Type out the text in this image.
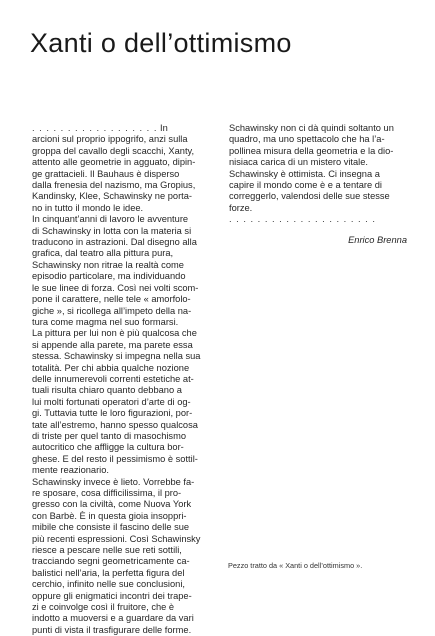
Xanti o dell’ottimismo
. . . . . . . . . . . . . . . . . . In
arcioni sul proprio ippogrifo, anzi sulla
groppa del cavallo degli scacchi, Xanty,
attento alle geometrie in agguato, dipin-
ge grattacieli. Il Bauhaus è disperso
dalla frenesia del nazismo, ma Gropius,
Kandinsky, Klee, Schawinsky ne porta-
no in tutto il mondo le idee.
In cinquant’anni di lavoro le avventure
di Schawinsky in lotta con la materia si
traducono in astrazioni. Dal disegno alla
grafica, dal teatro alla pittura pura,
Schawinsky non ritrae la realtà come
episodio particolare, ma individuando
le sue linee di forza. Così nei volti scom-
pone il carattere, nelle tele « amorfolo-
giche », si ricollega all’impeto della na-
tura come magma nel suo formarsi.
La pittura per lui non è più qualcosa che
si appende alla parete, ma parete essa
stessa. Schawinsky si impegna nella sua
totalità. Per chi abbia qualche nozione
delle innumerevoli correnti estetiche at-
tuali risulta chiaro quanto debbano a
lui molti fortunati operatori d’arte di og-
gi. Tuttavia tutte le loro figurazioni, por-
tate all’estremo, hanno spesso qualcosa
di triste per quel tanto di masochismo
autocritico che affligge la cultura bor-
ghese. E del resto il pessimismo è sottil-
mente reazionario.
Schawinsky invece è lieto. Vorrebbe fa-
re sposare, cosa difficilissima, il pro-
gresso con la civiltà, come Nuova York
con Barbè. È in questa gioia insoppri-
mibile che consiste il fascino delle sue
più recenti espressioni. Così Schawinsky
riesce a pescare nelle sue reti sottili,
tracciando segni geometricamente ca-
balistici nell’aria, la perfetta figura del
cerchio, infinito nelle sue conclusioni,
oppure gli enigmatici incontri dei trape-
zi e coinvolge così il fruitore, che è
indotto a muoversi e a guardare da vari
punti di vista il trasfigurare delle forme.
Schawinsky non ci dà quindi soltanto un
quadro, ma uno spettacolo che ha l’a-
pollinea misura della geometria e la dio-
nisiaca carica di un mistero vitale.
Schawinsky è ottimista. Ci insegna a
capire il mondo come è e a tentare di
correggerlo, valendosi delle sue stesse
forze.
. . . . . . . . . . . . . . . . . . . . .
Enrico Brenna
Pezzo tratto da « Xanti o dell’ottimismo ».
